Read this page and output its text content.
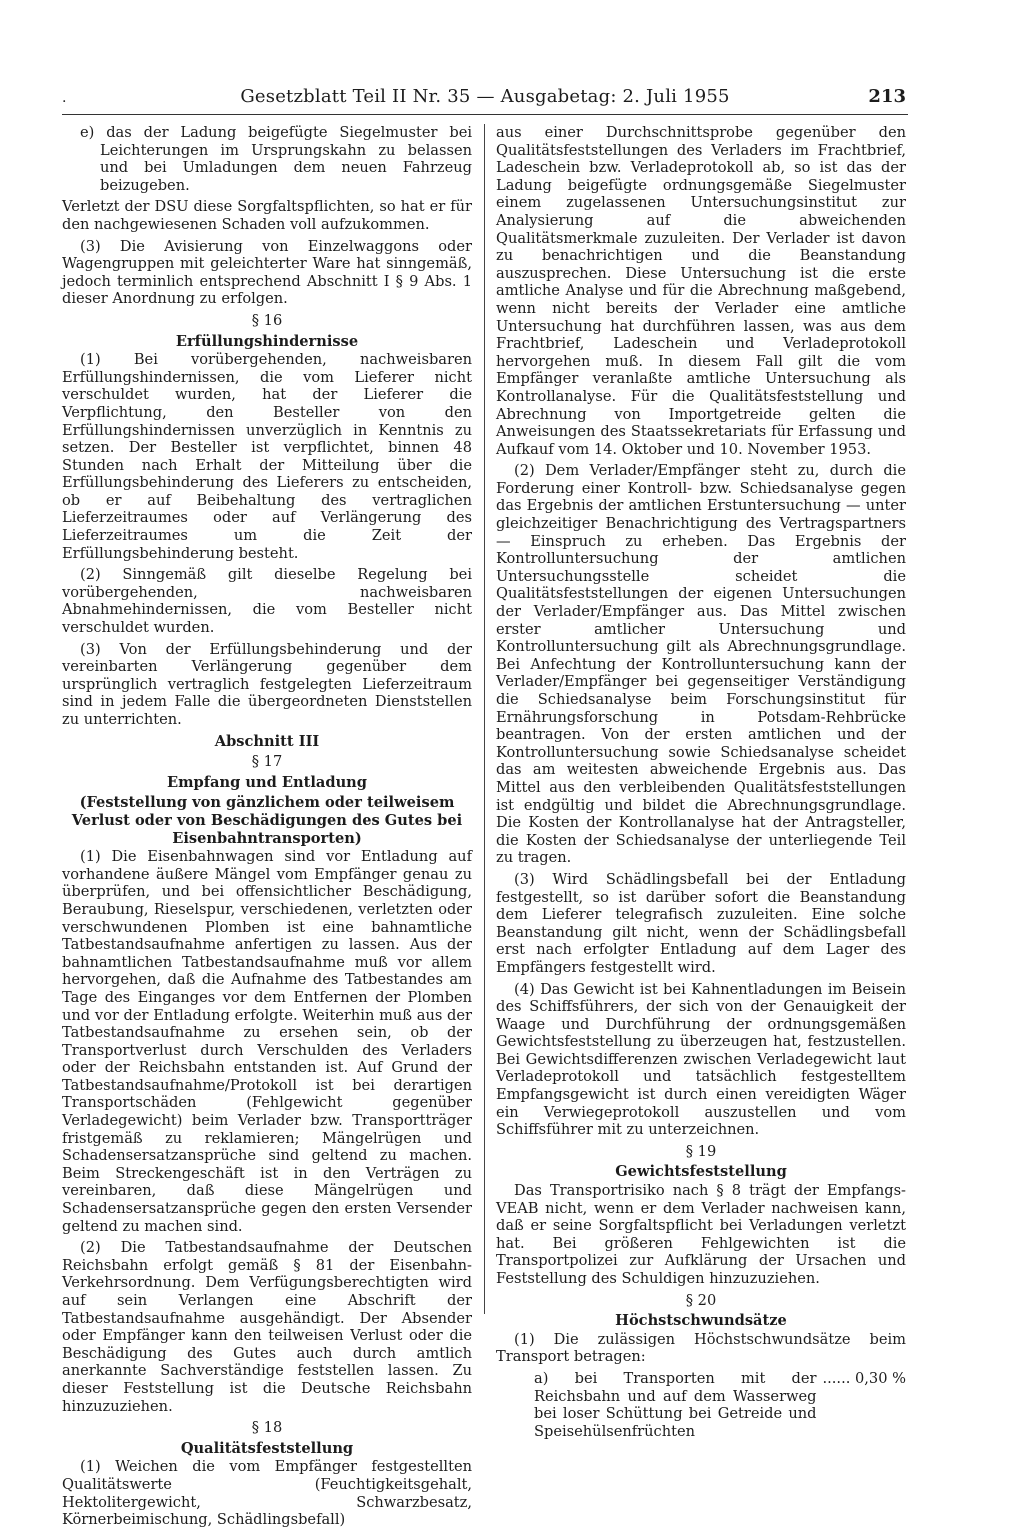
.	Gesetzblatt Teil II Nr. 35 — Ausgabetag: 2. Juli 1955	213

e) das der Ladung beigefügte Siegelmuster bei Leichterungen im Ursprungskahn zu belassen und bei Umladungen dem neuen Fahrzeug beizugeben.

Verletzt der DSU diese Sorgfaltspflichten, so hat er für den nachgewiesenen Schaden voll aufzukommen.

(3) Die Avisierung von Einzelwaggons oder Wagengruppen mit geleichterter Ware hat sinngemäß, jedoch terminlich entsprechend Abschnitt I § 9 Abs. 1 dieser Anordnung zu erfolgen.

§ 16
Erfüllungshindernisse

(1) Bei vorübergehenden, nachweisbaren Erfüllungshindernissen, die vom Lieferer nicht verschuldet wurden, hat der Lieferer die Verpflichtung, den Besteller von den Erfüllungshindernissen unverzüglich in Kenntnis zu setzen. Der Besteller ist verpflichtet, binnen 48 Stunden nach Erhalt der Mitteilung über die Erfüllungsbehinderung des Lieferers zu entscheiden, ob er auf Beibehaltung des vertraglichen Lieferzeitraumes oder auf Verlängerung des Lieferzeitraumes um die Zeit der Erfüllungsbehinderung besteht.

(2) Sinngemäß gilt dieselbe Regelung bei vorübergehenden, nachweisbaren Abnahmehindernissen, die vom Besteller nicht verschuldet wurden.

(3) Von der Erfüllungsbehinderung und der vereinbarten Verlängerung gegenüber dem ursprünglich vertraglich festgelegten Lieferzeitraum sind in jedem Falle die übergeordneten Dienststellen zu unterrichten.

Abschnitt III
§ 17
Empfang und Entladung
(Feststellung von gänzlichem oder teilweisem Verlust oder von Beschädigungen des Gutes bei Eisenbahntransporten)

(1) Die Eisenbahnwagen sind vor Entladung auf vorhandene äußere Mängel vom Empfänger genau zu überprüfen, und bei offensichtlicher Beschädigung, Beraubung, Rieselspur, verschiedenen, verletzten oder verschwundenen Plomben ist eine bahnamtliche Tatbestandsaufnahme anfertigen zu lassen. Aus der bahnamtlichen Tatbestandsaufnahme muß vor allem hervorgehen, daß die Aufnahme des Tatbestandes am Tage des Einganges vor dem Entfernen der Plomben und vor der Entladung erfolgte. Weiterhin muß aus der Tatbestandsaufnahme zu ersehen sein, ob der Transportverlust durch Verschulden des Verladers oder der Reichsbahn entstanden ist. Auf Grund der Tatbestandsaufnahme/Protokoll ist bei derartigen Transportschäden (Fehlgewicht gegenüber Verladegewicht) beim Verlader bzw. Transportträger fristgemäß zu reklamieren; Mängelrügen und Schadensersatzansprüche sind geltend zu machen. Beim Streckengeschäft ist in den Verträgen zu vereinbaren, daß diese Mängelrügen und Schadensersatzansprüche gegen den ersten Versender geltend zu machen sind.

(2) Die Tatbestandsaufnahme der Deutschen Reichsbahn erfolgt gemäß § 81 der Eisenbahn-Verkehrsordnung. Dem Verfügungsberechtigten wird auf sein Verlangen eine Abschrift der Tatbestandsaufnahme ausgehändigt. Der Absender oder Empfänger kann den teilweisen Verlust oder die Beschädigung des Gutes auch durch amtlich anerkannte Sachverständige feststellen lassen. Zu dieser Feststellung ist die Deutsche Reichsbahn hinzuzuziehen.

§ 18
Qualitätsfeststellung

(1) Weichen die vom Empfänger festgestellten Qualitätswerte (Feuchtigkeitsgehalt, Hektolitergewicht, Schwarzbesatz, Körnerbeimischung, Schädlingsbefall)

aus einer Durchschnittsprobe gegenüber den Qualitätsfeststellungen des Verladers im Frachtbrief, Ladeschein bzw. Verladeprotokoll ab, so ist das der Ladung beigefügte ordnungsgemäße Siegelmuster einem zugelassenen Untersuchungsinstitut zur Analysierung auf die abweichenden Qualitätsmerkmale zuzuleiten. Der Verlader ist davon zu benachrichtigen und die Beanstandung auszusprechen. Diese Untersuchung ist die erste amtliche Analyse und für die Abrechnung maßgebend, wenn nicht bereits der Verlader eine amtliche Untersuchung hat durchführen lassen, was aus dem Frachtbrief, Ladeschein und Verladeprotokoll hervorgehen muß. In diesem Fall gilt die vom Empfänger veranlaßte amtliche Untersuchung als Kontrollanalyse. Für die Qualitätsfeststellung und Abrechnung von Importgetreide gelten die Anweisungen des Staatssekretariats für Erfassung und Aufkauf vom 14. Oktober und 10. November 1953.

(2) Dem Verlader/Empfänger steht zu, durch die Forderung einer Kontroll- bzw. Schiedsanalyse gegen das Ergebnis der amtlichen Erstuntersuchung — unter gleichzeitiger Benachrichtigung des Vertragspartners — Einspruch zu erheben. Das Ergebnis der Kontrolluntersuchung der amtlichen Untersuchungsstelle scheidet die Qualitätsfeststellungen der eigenen Untersuchungen der Verlader/Empfänger aus. Das Mittel zwischen erster amtlicher Untersuchung und Kontrolluntersuchung gilt als Abrechnungsgrundlage. Bei Anfechtung der Kontrolluntersuchung kann der Verlader/Empfänger bei gegenseitiger Verständigung die Schiedsanalyse beim Forschungsinstitut für Ernährungsforschung in Potsdam-Rehbrücke beantragen. Von der ersten amtlichen und der Kontrolluntersuchung sowie Schiedsanalyse scheidet das am weitesten abweichende Ergebnis aus. Das Mittel aus den verbleibenden Qualitätsfeststellungen ist endgültig und bildet die Abrechnungsgrundlage. Die Kosten der Kontrollanalyse hat der Antragsteller, die Kosten der Schiedsanalyse der unterliegende Teil zu tragen.

(3) Wird Schädlingsbefall bei der Entladung festgestellt, so ist darüber sofort die Beanstandung dem Lieferer telegrafisch zuzuleiten. Eine solche Beanstandung gilt nicht, wenn der Schädlingsbefall erst nach erfolgter Entladung auf dem Lager des Empfängers festgestellt wird.

(4) Das Gewicht ist bei Kahnentladungen im Beisein des Schiffsführers, der sich von der Genauigkeit der Waage und Durchführung der ordnungsgemäßen Gewichtsfeststellung zu überzeugen hat, festzustellen. Bei Gewichtsdifferenzen zwischen Verladegewicht laut Verladeprotokoll und tatsächlich festgestelltem Empfangsgewicht ist durch einen vereidigten Wäger ein Verwiegeprotokoll auszustellen und vom Schiffsführer mit zu unterzeichnen.

§ 19
Gewichtsfeststellung

Das Transportrisiko nach § 8 trägt der Empfangs-VEAB nicht, wenn er dem Verlader nachweisen kann, daß er seine Sorgfaltspflicht bei Verladungen verletzt hat. Bei größeren Fehlgewichten ist die Transportpolizei zur Aufklärung der Ursachen und Feststellung des Schuldigen hinzuzuziehen.

§ 20
Höchstschwundsätze

(1) Die zulässigen Höchstschwundsätze beim Transport betragen:

a) bei Transporten mit der Reichsbahn und auf dem Wasserweg bei loser Schüttung bei Getreide und Speisehülsenfrüchten
...... 0,30 %
